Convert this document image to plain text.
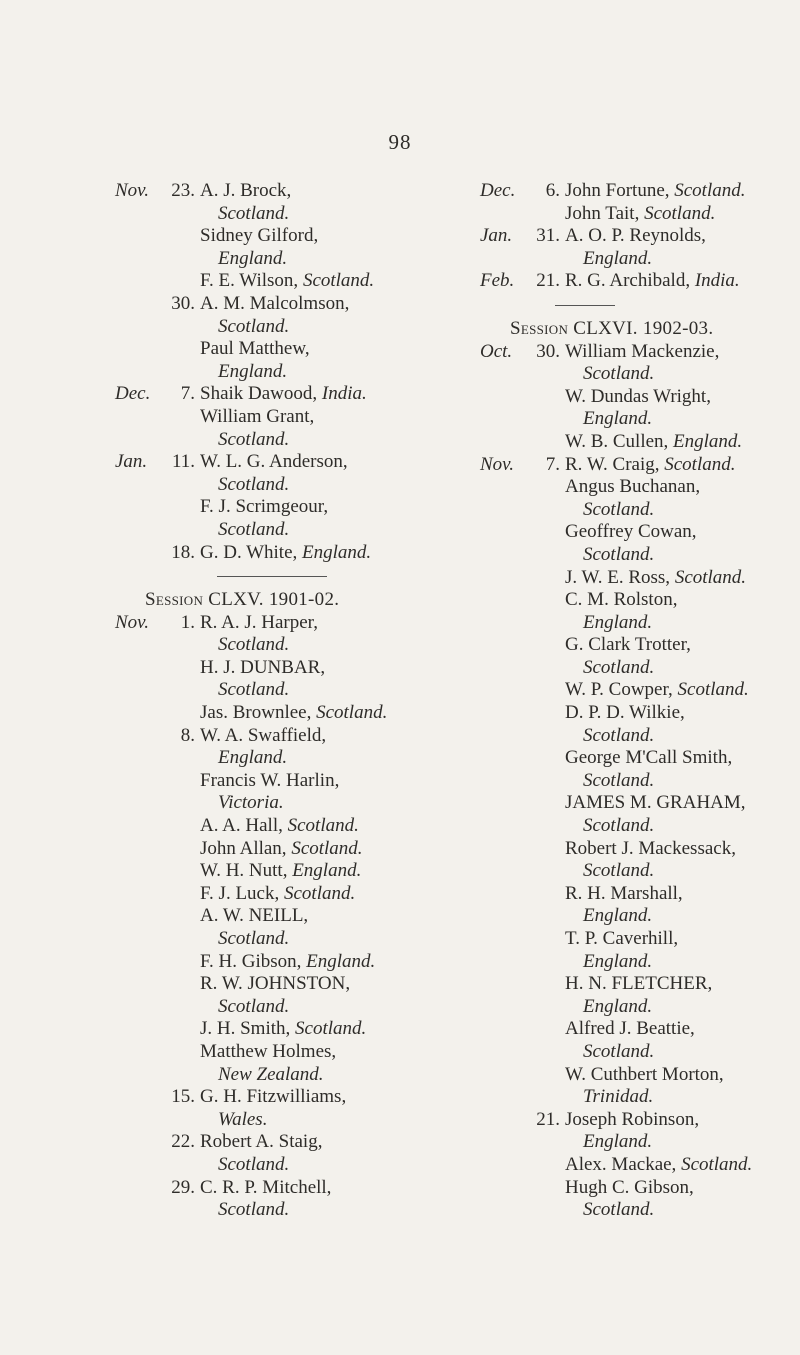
98
Nov. 23. A. J. Brock,
Scotland.
Sidney Gilford,
England.
F. E. Wilson, Scotland.
30. A. M. Malcolmson,
Scotland.
Paul Matthew,
England.
Dec. 7. Shaik Dawood, India.
William Grant,
Scotland.
Jan. 11. W. L. G. Anderson,
Scotland.
F. J. Scrimgeour,
Scotland.
18. G. D. White, England.
Session CLXV. 1901-02.
Nov. 1. R. A. J. Harper,
Scotland.
H. J. DUNBAR,
Scotland.
Jas. Brownlee, Scotland.
8. W. A. Swaffield,
England.
Francis W. Harlin,
Victoria.
A. A. Hall, Scotland.
John Allan, Scotland.
W. H. Nutt, England.
F. J. Luck, Scotland.
A. W. NEILL,
Scotland.
F. H. Gibson, England.
R. W. JOHNSTON,
Scotland.
J. H. Smith, Scotland.
Matthew Holmes,
New Zealand.
15. G. H. Fitzwilliams,
Wales.
22. Robert A. Staig,
Scotland.
29. C. R. P. Mitchell,
Scotland.
Dec. 6. John Fortune, Scotland.
John Tait, Scotland.
Jan. 31. A. O. P. Reynolds,
England.
Feb. 21. R. G. Archibald, India.
Session CLXVI. 1902-03.
Oct. 30. William Mackenzie,
Scotland.
W. Dundas Wright,
England.
W. B. Cullen, England.
Nov. 7. R. W. Craig, Scotland.
Angus Buchanan,
Scotland.
Geoffrey Cowan,
Scotland.
J. W. E. Ross, Scotland.
C. M. Rolston,
England.
G. Clark Trotter,
Scotland.
W. P. Cowper, Scotland.
D. P. D. Wilkie,
Scotland.
George M'Call Smith,
Scotland.
JAMES M. GRAHAM,
Scotland.
Robert J. Mackessack,
Scotland.
R. H. Marshall,
England.
T. P. Caverhill,
England.
H. N. FLETCHER,
England.
Alfred J. Beattie,
Scotland.
W. Cuthbert Morton,
Trinidad.
21. Joseph Robinson,
England.
Alex. Mackae, Scotland.
Hugh C. Gibson,
Scotland.
